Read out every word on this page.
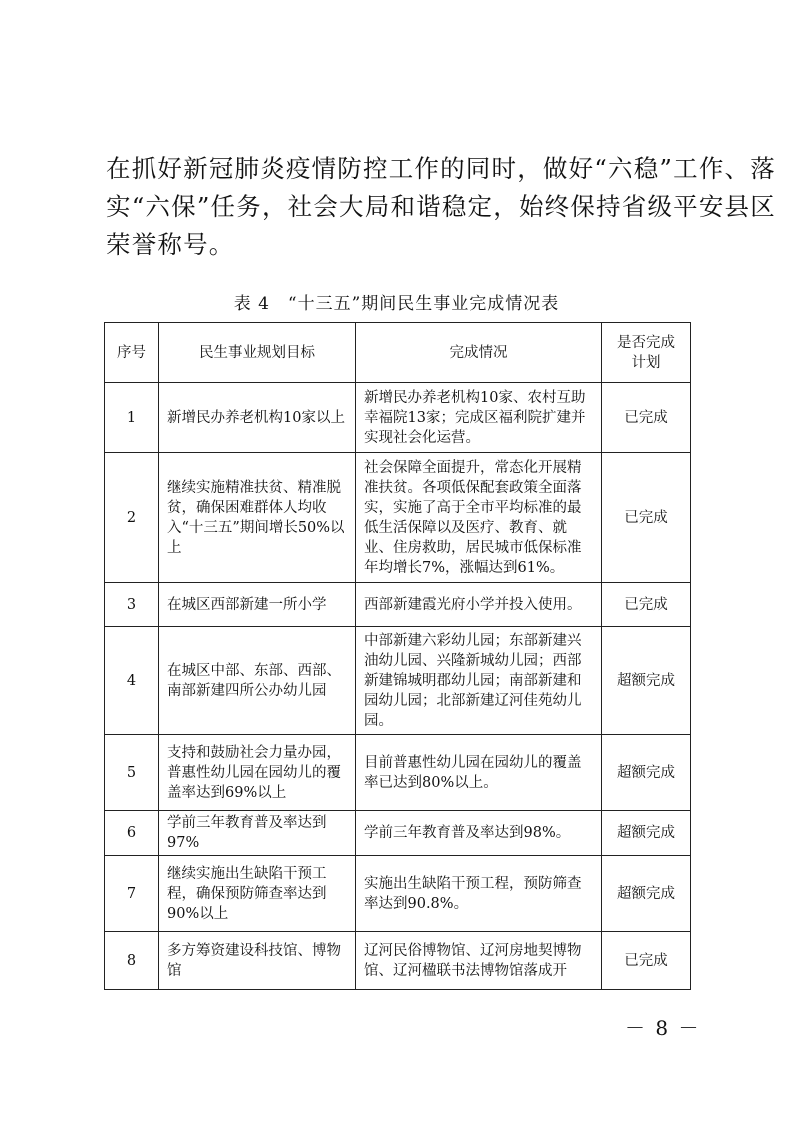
在抓好新冠肺炎疫情防控工作的同时，做好“六稳”工作、落
实“六保”任务，社会大局和谐稳定，始终保持省级平安县区
荣誉称号。
表 4　“十三五”期间民生事业完成情况表
序号	民生事业规划目标	完成情况	是否完成计划
1	新增民办养老机构10家以上	新增民办养老机构10家、农村互助幸福院13家；完成区福利院扩建并实现社会化运营。	已完成
2	继续实施精准扶贫、精准脱贫，确保困难群体人均收入“十三五”期间增长50%以上	社会保障全面提升，常态化开展精准扶贫。各项低保配套政策全面落实，实施了高于全市平均标准的最低生活保障以及医疗、教育、就业、住房救助，居民城市低保标准年均增长7%，涨幅达到61%。	已完成
3	在城区西部新建一所小学	西部新建霞光府小学并投入使用。	已完成
4	在城区中部、东部、西部、南部新建四所公办幼儿园	中部新建六彩幼儿园；东部新建兴油幼儿园、兴隆新城幼儿园；西部新建锦城明郡幼儿园；南部新建和园幼儿园；北部新建辽河佳苑幼儿园。	超额完成
5	支持和鼓励社会力量办园，普惠性幼儿园在园幼儿的覆盖率达到69%以上	目前普惠性幼儿园在园幼儿的覆盖率已达到80%以上。	超额完成
6	学前三年教育普及率达到97%	学前三年教育普及率达到98%。	超额完成
7	继续实施出生缺陷干预工程，确保预防筛查率达到90%以上	实施出生缺陷干预工程，预防筛查率达到90.8%。	超额完成
8	多方筹资建设科技馆、博物馆	辽河民俗博物馆、辽河房地契博物馆、辽河楹联书法博物馆落成开	已完成
－ 8 －
